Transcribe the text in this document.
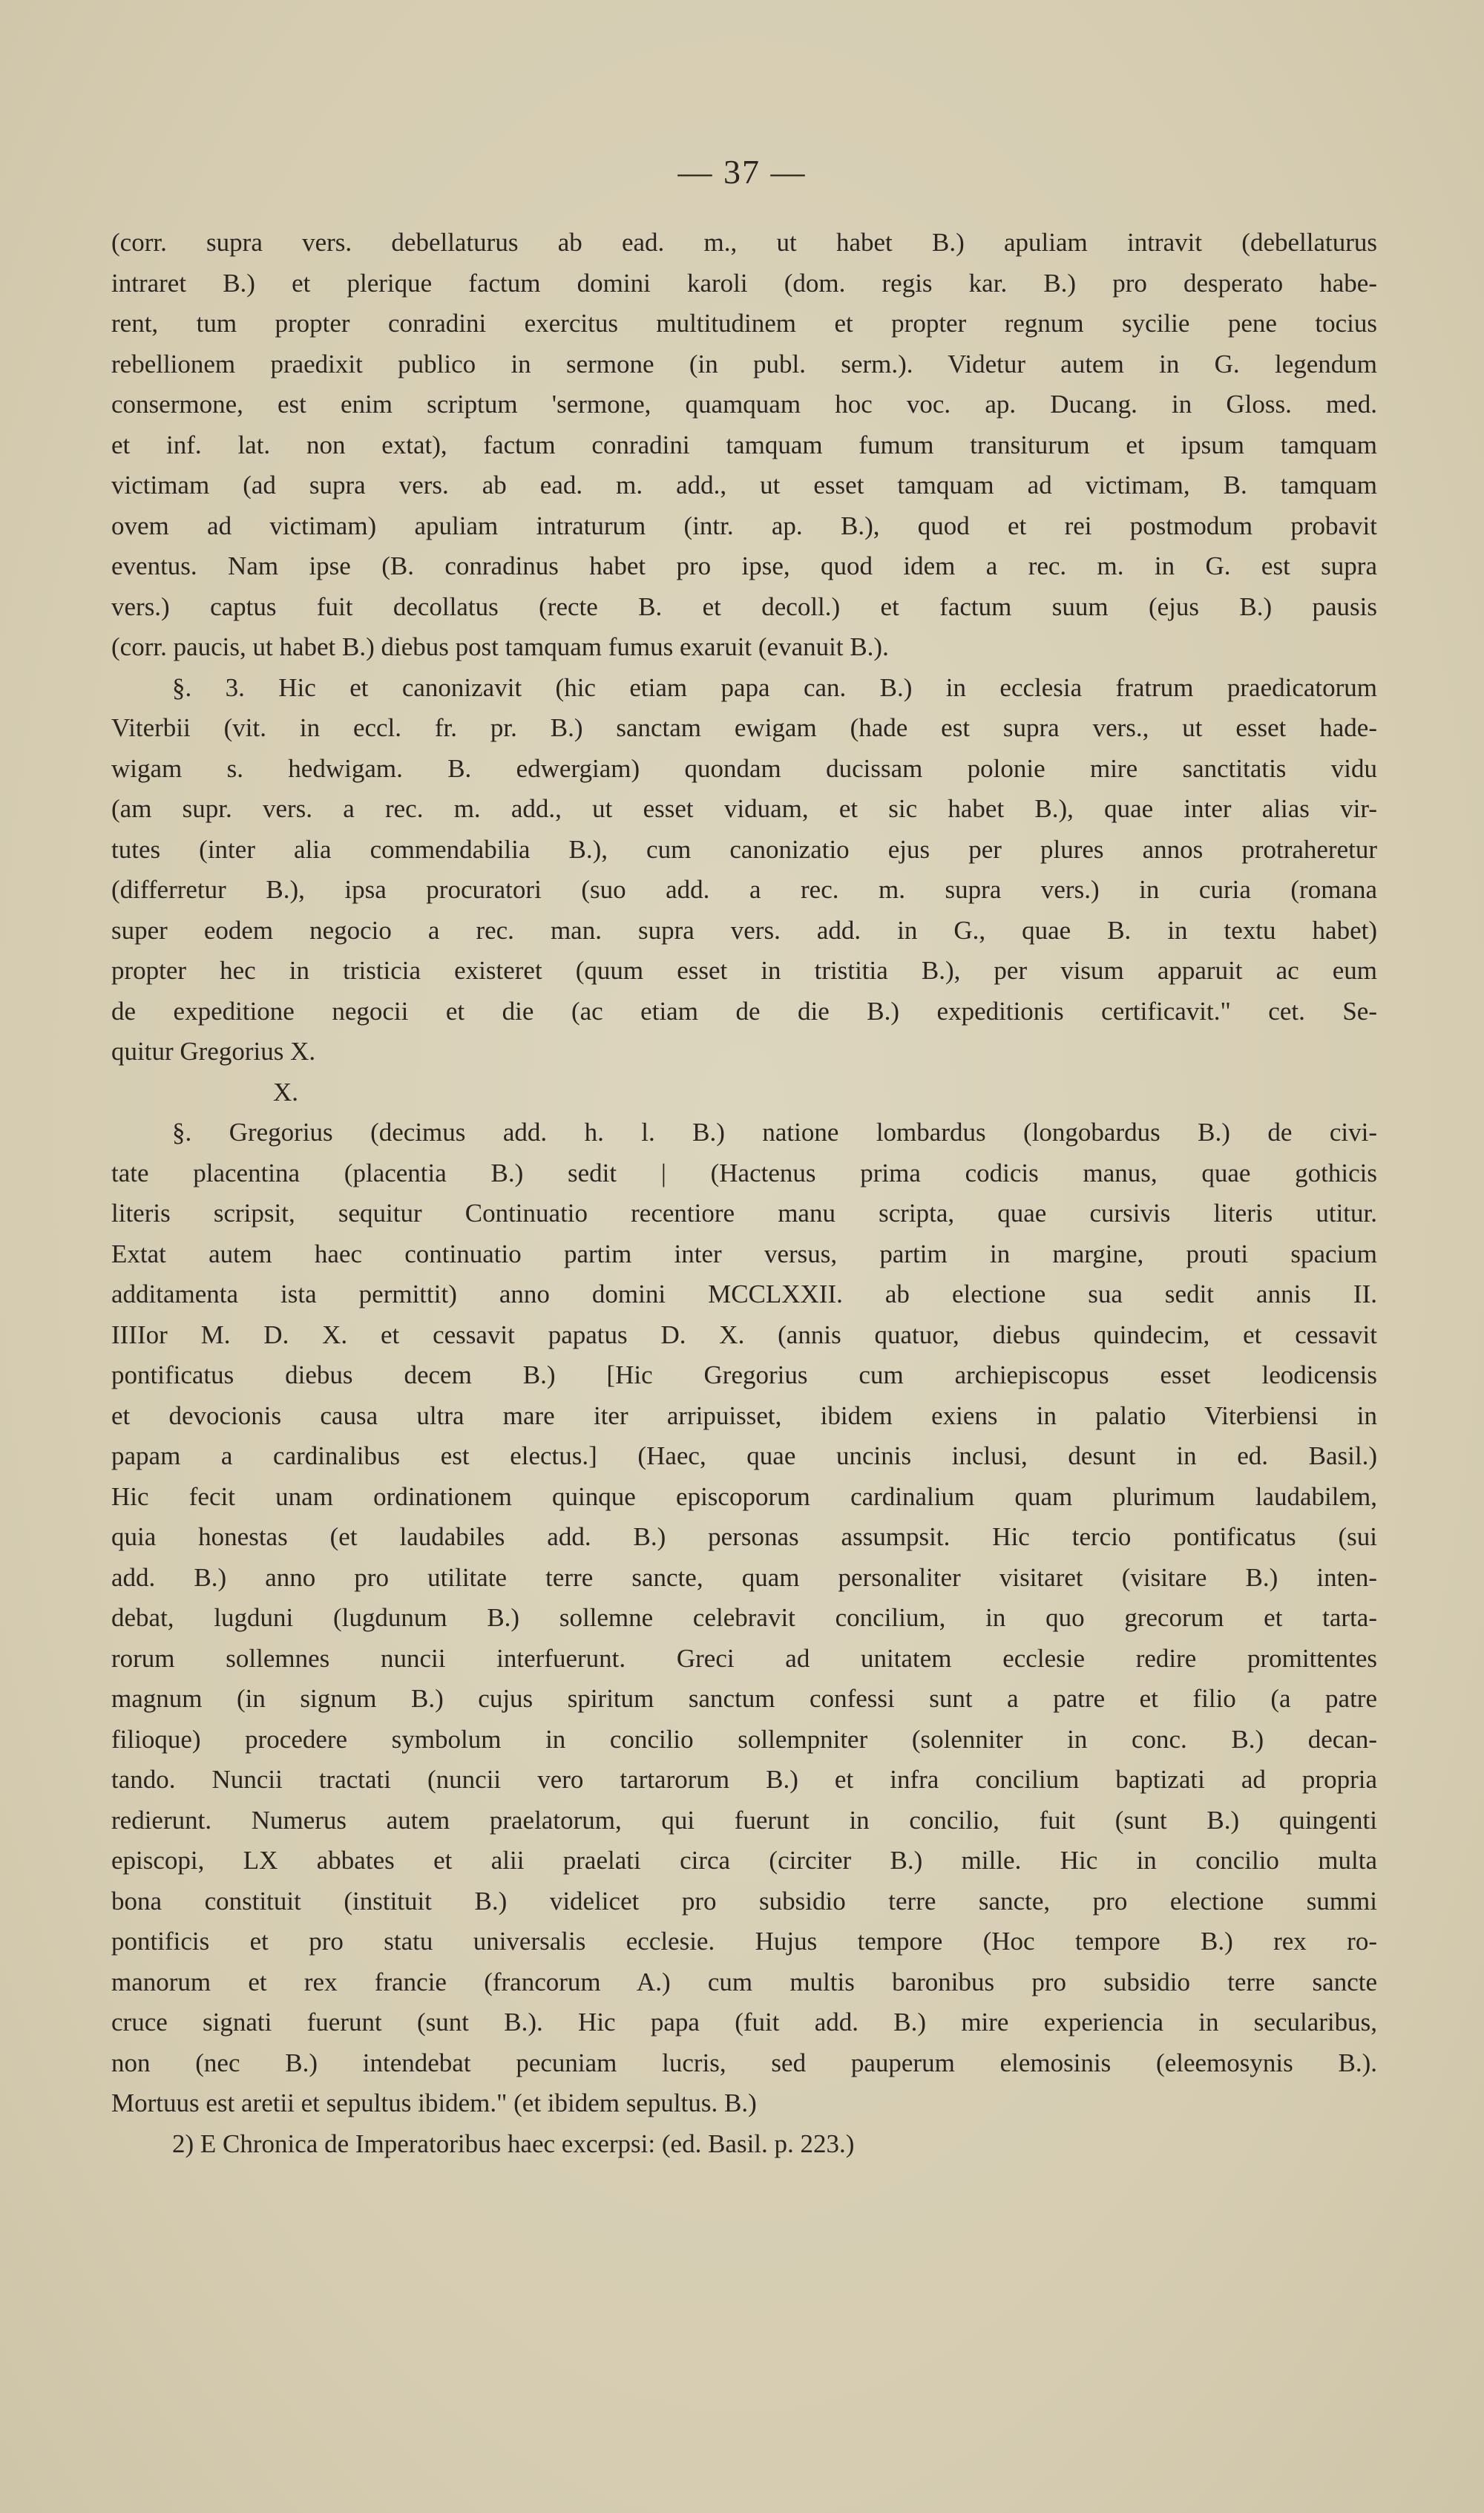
— 37 —
(corr. supra vers. debellaturus ab ead. m., ut habet B.) apuliam intravit (debellaturus
intraret B.) et plerique factum domini karoli (dom. regis kar. B.) pro desperato habe-
rent, tum propter conradini exercitus multitudinem et propter regnum sycilie pene tocius
rebellionem praedixit publico in sermone (in publ. serm.). Videtur autem in G. legendum
consermone, est enim scriptum 'sermone, quamquam hoc voc. ap. Ducang. in Gloss. med.
et inf. lat. non extat), factum conradini tamquam fumum transiturum et ipsum tamquam
victimam (ad supra vers. ab ead. m. add., ut esset tamquam ad victimam, B. tamquam
ovem ad victimam) apuliam intraturum (intr. ap. B.), quod et rei postmodum probavit
eventus. Nam ipse (B. conradinus habet pro ipse, quod idem a rec. m. in G. est supra
vers.) captus fuit decollatus (recte B. et decoll.) et factum suum (ejus B.) pausis
(corr. paucis, ut habet B.) diebus post tamquam fumus exaruit (evanuit B.).
§. 3. Hic et canonizavit (hic etiam papa can. B.) in ecclesia fratrum praedicatorum
Viterbii (vit. in eccl. fr. pr. B.) sanctam ewigam (hade est supra vers., ut esset hade-
wigam s. hedwigam. B. edwergiam) quondam ducissam polonie mire sanctitatis vidu
(am supr. vers. a rec. m. add., ut esset viduam, et sic habet B.), quae inter alias vir-
tutes (inter alia commendabilia B.), cum canonizatio ejus per plures annos protraheretur
(differretur B.), ipsa procuratori (suo add. a rec. m. supra vers.) in curia (romana
super eodem negocio a rec. man. supra vers. add. in G., quae B. in textu habet)
propter hec in tristicia existeret (quum esset in tristitia B.), per visum apparuit ac eum
de expeditione negocii et die (ac etiam de die B.) expeditionis certificavit." cet. Se-
quitur Gregorius X.
X.
§. Gregorius (decimus add. h. l. B.) natione lombardus (longobardus B.) de civi-
tate placentina (placentia B.) sedit | (Hactenus prima codicis manus, quae gothicis
literis scripsit, sequitur Continuatio recentiore manu scripta, quae cursivis literis utitur.
Extat autem haec continuatio partim inter versus, partim in margine, prouti spacium
additamenta ista permittit) anno domini MCCLXXII. ab electione sua sedit annis II.
IIIIor M. D. X. et cessavit papatus D. X. (annis quatuor, diebus quindecim, et cessavit
pontificatus diebus decem B.) [Hic Gregorius cum archiepiscopus esset leodicensis
et devocionis causa ultra mare iter arripuisset, ibidem exiens in palatio Viterbiensi in
papam a cardinalibus est electus.] (Haec, quae uncinis inclusi, desunt in ed. Basil.)
Hic fecit unam ordinationem quinque episcoporum cardinalium quam plurimum laudabilem,
quia honestas (et laudabiles add. B.) personas assumpsit. Hic tercio pontificatus (sui
add. B.) anno pro utilitate terre sancte, quam personaliter visitaret (visitare B.) inten-
debat, lugduni (lugdunum B.) sollemne celebravit concilium, in quo grecorum et tarta-
rorum sollemnes nuncii interfuerunt. Greci ad unitatem ecclesie redire promittentes
magnum (in signum B.) cujus spiritum sanctum confessi sunt a patre et filio (a patre
filioque) procedere symbolum in concilio sollempniter (solenniter in conc. B.) decan-
tando. Nuncii tractati (nuncii vero tartarorum B.) et infra concilium baptizati ad propria
redierunt. Numerus autem praelatorum, qui fuerunt in concilio, fuit (sunt B.) quingenti
episcopi, LX abbates et alii praelati circa (circiter B.) mille. Hic in concilio multa
bona constituit (instituit B.) videlicet pro subsidio terre sancte, pro electione summi
pontificis et pro statu universalis ecclesie. Hujus tempore (Hoc tempore B.) rex ro-
manorum et rex francie (francorum A.) cum multis baronibus pro subsidio terre sancte
cruce signati fuerunt (sunt B.). Hic papa (fuit add. B.) mire experiencia in secularibus,
non (nec B.) intendebat pecuniam lucris, sed pauperum elemosinis (eleemosynis B.).
Mortuus est aretii et sepultus ibidem." (et ibidem sepultus. B.)
2) E Chronica de Imperatoribus haec excerpsi: (ed. Basil. p. 223.)
